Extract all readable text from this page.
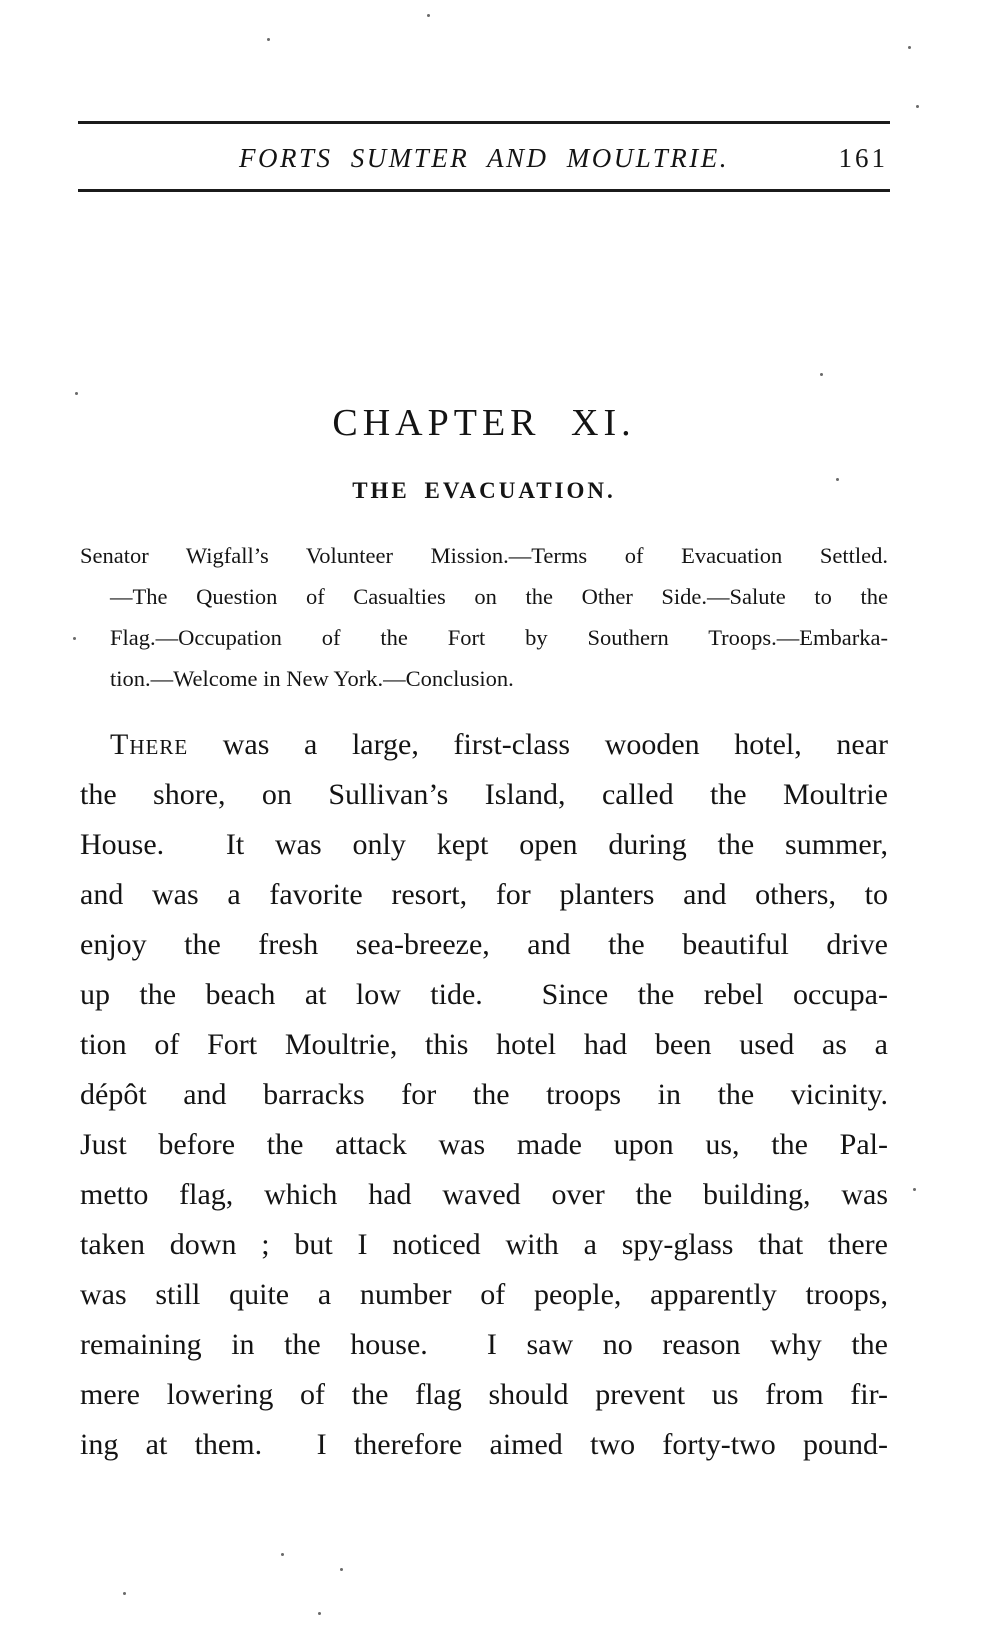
FORTS SUMTER AND MOULTRIE.	161
CHAPTER XI.
THE EVACUATION.
Senator Wigfall’s Volunteer Mission.—Terms of Evacuation Settled.
—The Question of Casualties on the Other Side.—Salute to the
Flag.—Occupation of the Fort by Southern Troops.—Embarka-
tion.—Welcome in New York.—Conclusion.
There was a large, first-class wooden hotel, near
the shore, on Sullivan’s Island, called the Moultrie
House.  It was only kept open during the summer,
and was a favorite resort, for planters and others, to
enjoy the fresh sea-breeze, and the beautiful drive
up the beach at low tide.  Since the rebel occupa-
tion of Fort Moultrie, this hotel had been used as a
dépôt and barracks for the troops in the vicinity.
Just before the attack was made upon us, the Pal-
metto flag, which had waved over the building, was
taken down ; but I noticed with a spy-glass that there
was still quite a number of people, apparently troops,
remaining in the house.  I saw no reason why the
mere lowering of the flag should prevent us from fir-
ing at them.  I therefore aimed two forty-two pound-
